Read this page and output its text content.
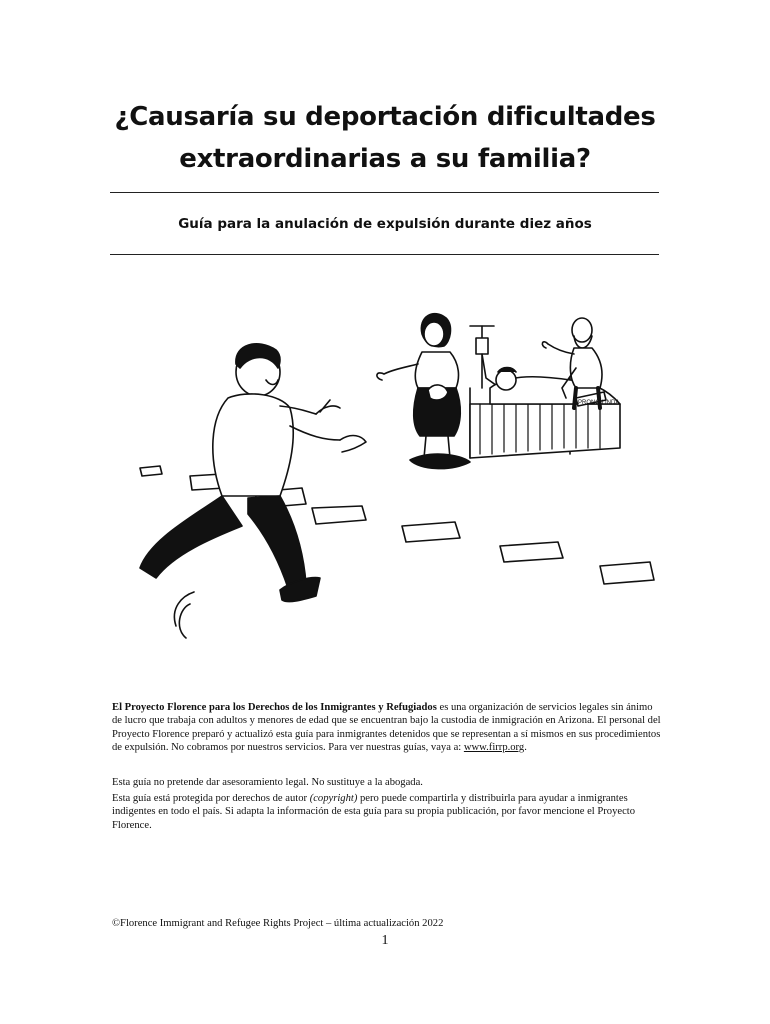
¿Causaría su deportación dificultades extraordinarias a su familia?
Guía para la anulación de expulsión durante diez años
PRONO LINDA
El Proyecto Florence para los Derechos de los Inmigrantes y Refugiados es una organización de servicios legales sin ánimo de lucro que trabaja con adultos y menores de edad que se encuentran bajo la custodia de inmigración en Arizona. El personal del Proyecto Florence preparó y actualizó esta guía para inmigrantes detenidos que se representan a sí mismos en sus procedimientos de expulsión. No cobramos por nuestros servicios. Para ver nuestras guías, vaya a: www.firrp.org.
Esta guía no pretende dar asesoramiento legal. No sustituye a la abogada.
Esta guía está protegida por derechos de autor (copyright) pero puede compartirla y distribuirla para ayudar a inmigrantes indigentes en todo el país. Si adapta la información de esta guía para su propia publicación, por favor mencione el Proyecto Florence.
©Florence Immigrant and Refugee Rights Project – última actualización 2022
1
